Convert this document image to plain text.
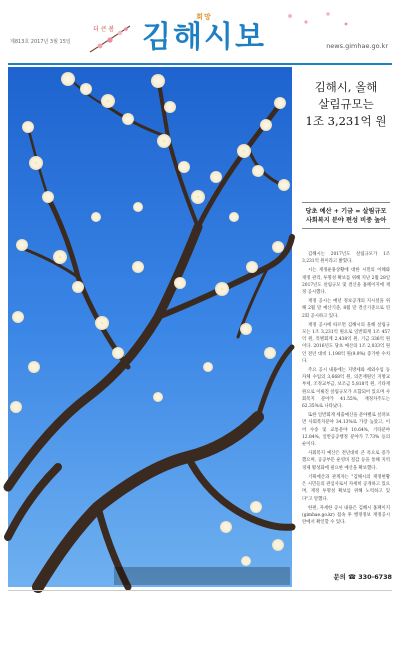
제813호 2017년 3월 15일
더 큰 봄
희망
김해시보	news.gimhae.go.kr
인제공방에서 바라본 봄 풍경, 매화꽃이 활짝 핀 김해시 해반천 일원에서 시민들이 봄기운을 만끽하고 있다.
김해시, 올해
살림규모는
1조 3,231억 원
당초 예산 + 기금 = 살림규모
사회복지 분야 편성 비중 높아

김해시는 2017년도 살림규모가 1조 3,231억 원이라고 밝혔다.

시는 재정운용상황에 대한 시민의 이해와 재정 관리, 투명성 확보를 위해 지난 2월 28일 2017년도 살림규모 및 결산을 홈페이지에 재정 공시했다.

재정 공시는 매년 정보공개의 지시설을 위해 2월 말 예산기준, 8월 말 결산기준으로 연 2회 공시하고 있다.

재정 공시에 따르면 김해시의 올해 살림규모는 1조 3,231억 원으로 일반회계 1조 457억 원, 특별회계 2,438억 원, 기금 336억 원이다. 2016년도 당초 예산의 1조 2,033억 원인 전년 대비 1,198억 원(9.9%) 증가한 수치다.

주요 공시 내용에는 지방세와 세외수입 등 자체 수입의 3,668억 원, 의존재원인 지방교부세, 조정교부금, 보조금 5,818억 원, 기타재원으로 이뤄진 살림규모가 포함되어 있으며 사회복지 분야가 41.55%, 재정자주도는 62.35%로 나타났다.

또한 일반회계 세출예산을 분야별로 살펴보면 사회복지분야 34.13%로 가장 높았고, 이어 수송 및 교통분야 10.64%, 기타분야 12.84%, 일반공공행정 분야가 7.73% 등의 순이다.

사회복지 예산은 전년대비 큰 폭으로 증가했으며, 공공부문 운영비 절감 등을 통해 지역경제 활성화에 필요한 예산을 확보했다.

기획예산과 관계자는 "김해시의 재정현황은 시민들의 관심사로서 자세히 공개하고 있으며, 재정 투명성 확보를 위해 노력하고 있다"고 말했다.

한편, 자세한 공시 내용은 김해시 홈페이지(gimhae.go.kr) 접속 후 행정정보 재정공시 란에서 확인할 수 있다.

문의 ☎ 330-6738
